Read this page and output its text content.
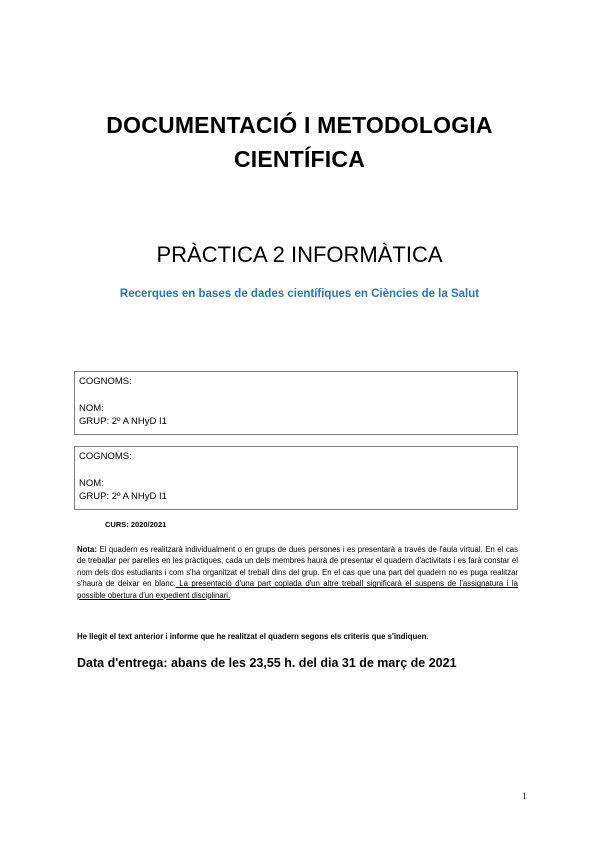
DOCUMENTACIÓ I METODOLOGIA
CIENTÍFICA
PRÀCTICA 2 INFORMÀTICA
Recerques en bases de dades científiques en Ciències de la Salut
COGNOMS:
NOM:
GRUP: 2º A NHyD I1
COGNOMS:
NOM:
GRUP: 2º A NHyD I1
CURS: 2020/2021
Nota: El quadern es realitzarà individualment o en grups de dues persones i es presentarà a través de l'aula virtual. En el cas de treballar per parelles en les pràctiques, cada un dels membres haurà de presentar el quadern d'activitats i es farà constar el nom dels dos estudiants i com s'ha organitzat el treball dins del grup. En el cas que una part del quadern no es puga realitzar s'haurà de deixar en blanc. La presentació d'una part copiada d'un altre treball significarà el suspens de l'assignatura i la possible obertura d'un expedient disciplinari.
He llegit el text anterior i informe que he realitzat el quadern segons els criteris que s'indiquen.
Data d'entrega: abans de les 23,55 h. del dia 31 de març de 2021
1
